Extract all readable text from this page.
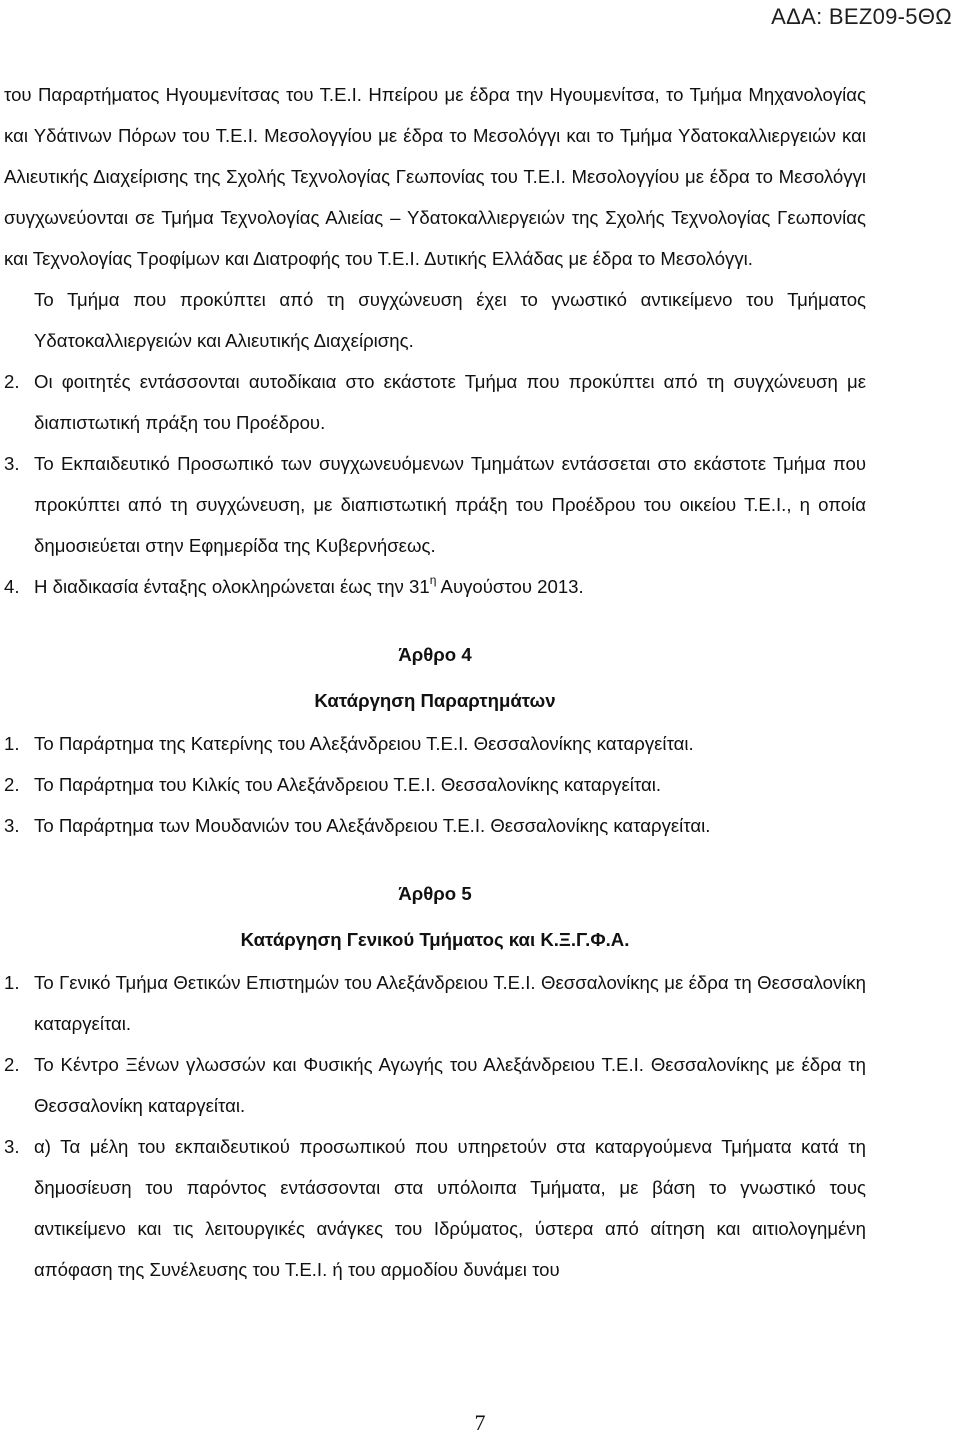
ΑΔΑ: ΒΕΖ09-5ΘΩ

του Παραρτήματος Ηγουμενίτσας του Τ.Ε.Ι. Ηπείρου με έδρα την Ηγουμενίτσα, το Τμήμα Μηχανολογίας και Υδάτινων Πόρων του Τ.Ε.Ι. Μεσολογγίου με έδρα το Μεσολόγγι και το Τμήμα Υδατοκαλλιεργειών και Αλιευτικής Διαχείρισης της Σχολής Τεχνολογίας Γεωπονίας του Τ.Ε.Ι. Μεσολογγίου με έδρα το Μεσολόγγι συγχωνεύονται σε Τμήμα Τεχνολογίας Αλιείας – Υδατοκαλλιεργειών της Σχολής Τεχνολογίας Γεωπονίας και Τεχνολογίας Τροφίμων και Διατροφής του Τ.Ε.Ι. Δυτικής Ελλάδας με έδρα το Μεσολόγγι.

Το Τμήμα που προκύπτει από τη συγχώνευση έχει το γνωστικό αντικείμενο του Τμήματος Υδατοκαλλιεργειών και Αλιευτικής Διαχείρισης.

2. Οι φοιτητές εντάσσονται αυτοδίκαια στο εκάστοτε Τμήμα που προκύπτει από τη συγχώνευση με διαπιστωτική πράξη του Προέδρου.
3. Το Εκπαιδευτικό Προσωπικό των συγχωνευόμενων Τμημάτων εντάσσεται στο εκάστοτε Τμήμα που προκύπτει από τη συγχώνευση, με διαπιστωτική πράξη του Προέδρου του οικείου Τ.Ε.Ι., η οποία δημοσιεύεται στην Εφημερίδα της Κυβερνήσεως.
4. Η διαδικασία ένταξης ολοκληρώνεται έως την $31^\eta$ Αυγούστου 2013.

Άρθρο 4

Κατάργηση Παραρτημάτων

1. Το Παράρτημα της Κατερίνης του Αλεξάνδρειου Τ.Ε.Ι. Θεσσαλονίκης καταργείται.
2. Το Παράρτημα του Κιλκίς του Αλεξάνδρειου Τ.Ε.Ι. Θεσσαλονίκης καταργείται.
3. Το Παράρτημα των Μουδανιών του Αλεξάνδρειου Τ.Ε.Ι. Θεσσαλονίκης καταργείται.

Άρθρο 5

Κατάργηση Γενικού Τμήματος και Κ.Ξ.Γ.Φ.Α.

1. Το Γενικό Τμήμα Θετικών Επιστημών του Αλεξάνδρειου Τ.Ε.Ι. Θεσσαλονίκης με έδρα τη Θεσσαλονίκη καταργείται.
2. Το Κέντρο Ξένων γλωσσών και Φυσικής Αγωγής του Αλεξάνδρειου Τ.Ε.Ι. Θεσσαλονίκης με έδρα τη Θεσσαλονίκη καταργείται.
3. α) Τα μέλη του εκπαιδευτικού προσωπικού που υπηρετούν στα καταργούμενα Τμήματα κατά τη δημοσίευση του παρόντος εντάσσονται στα υπόλοιπα Τμήματα, με βάση το γνωστικό τους αντικείμενο και τις λειτουργικές ανάγκες του Ιδρύματος, ύστερα από αίτηση και αιτιολογημένη απόφαση της Συνέλευσης του Τ.Ε.Ι. ή του αρμοδίου δυνάμει του
7
